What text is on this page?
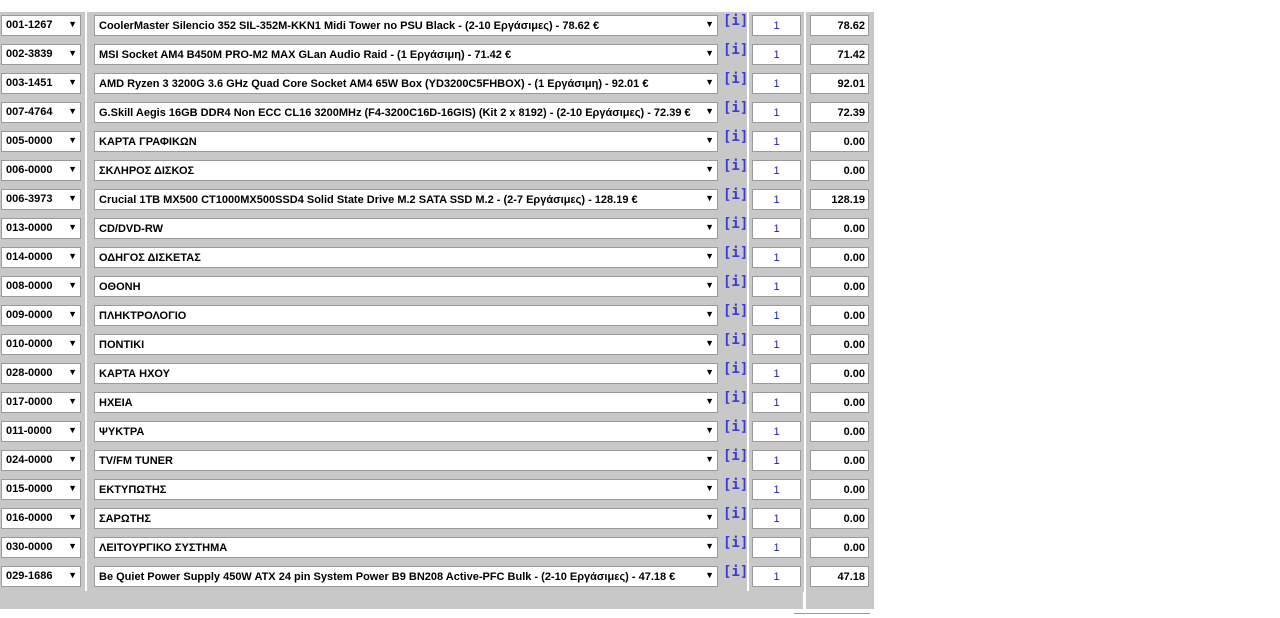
001-1267 ▼	CoolerMaster Silencio 352 SIL-352M-KKN1 Midi Tower no PSU Black - (2-10 Εργάσιμες) - 78.62 €	▼ [i]	1	78.62
002-3839 ▼	MSI Socket AM4 B450M PRO-M2 MAX GLan Audio Raid - (1 Εργάσιμη) - 71.42 €	▼ [i]	1	71.42
003-1451 ▼	AMD Ryzen 3 3200G 3.6 GHz Quad Core Socket AM4 65W Box (YD3200C5FHBOX) - (1 Εργάσιμη) - 92.01 €	▼ [i]	1	92.01
007-4764 ▼	G.Skill Aegis 16GB DDR4 Non ECC CL16 3200MHz (F4-3200C16D-16GIS) (Kit 2 x 8192) - (2-10 Εργάσιμες) - 72.39 € ▼ [i]	1	72.39
005-0000 ▼	ΚΑΡΤΑ ΓΡΑΦΙΚΩΝ	▼ [i]	1	0.00
006-0000 ▼	ΣΚΛΗΡΟΣ ΔΙΣΚΟΣ	▼ [i]	1	0.00
006-3973 ▼	Crucial 1TB MX500 CT1000MX500SSD4 Solid State Drive M.2 SATA SSD M.2 - (2-7 Εργάσιμες) - 128.19 €	▼ [i]	1	128.19
013-0000 ▼	CD/DVD-RW	▼ [i]	1	0.00
014-0000 ▼	ΟΔΗΓΟΣ ΔΙΣΚΕΤΑΣ	▼ [i]	1	0.00
008-0000 ▼	ΟΘΟΝΗ	▼ [i]	1	0.00
009-0000 ▼	ΠΛΗΚΤΡΟΛΟΓΙΟ	▼ [i]	1	0.00
010-0000 ▼	ΠΟΝΤΙΚΙ	▼ [i]	1	0.00
028-0000 ▼	ΚΑΡΤΑ ΗΧΟΥ	▼ [i]	1	0.00
017-0000 ▼	ΗΧΕΙΑ	▼ [i]	1	0.00
011-0000 ▼	ΨΥΚΤΡΑ	▼ [i]	1	0.00
024-0000 ▼	TV/FM TUNER	▼ [i]	1	0.00
015-0000 ▼	ΕΚΤΥΠΩΤΗΣ	▼ [i]	1	0.00
016-0000 ▼	ΣΑΡΩΤΗΣ	▼ [i]	1	0.00
030-0000 ▼	ΛΕΙΤΟΥΡΓΙΚΟ ΣΥΣΤΗΜΑ	▼ [i]	1	0.00
029-1686 ▼	Be Quiet Power Supply 450W ATX 24 pin System Power B9 BN208 Active-PFC Bulk - (2-10 Εργάσιμες) - 47.18 €	▼ [i]	1	47.18
